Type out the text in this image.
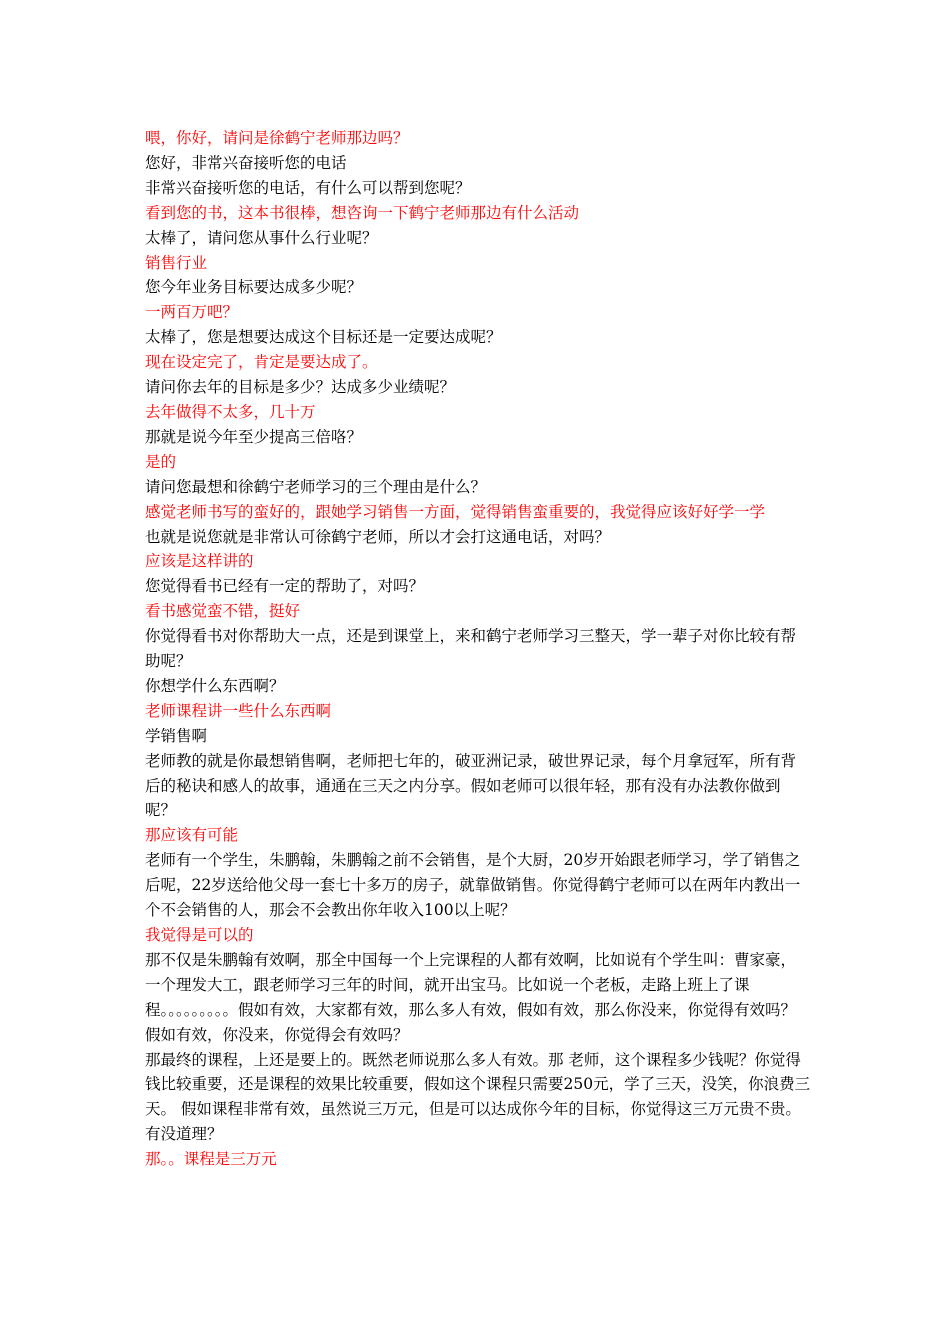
喂，你好，请问是徐鹤宁老师那边吗？

您好，非常兴奋接听您的电话

非常兴奋接听您的电话，有什么可以帮到您呢？

看到您的书，这本书很棒，想咨询一下鹤宁老师那边有什么活动

太棒了，请问您从事什么行业呢？

销售行业

您今年业务目标要达成多少呢？

一两百万吧？

太棒了，您是想要达成这个目标还是一定要达成呢？

现在设定完了，肯定是要达成了。

请问你去年的目标是多少？达成多少业绩呢？

去年做得不太多，几十万

那就是说今年至少提高三倍咯？

是的

请问您最想和徐鹤宁老师学习的三个理由是什么？

感觉老师书写的蛮好的，跟她学习销售一方面，觉得销售蛮重要的，我觉得应该好好学一学

也就是说您就是非常认可徐鹤宁老师，所以才会打这通电话，对吗？

应该是这样讲的

您觉得看书已经有一定的帮助了，对吗？

看书感觉蛮不错，挺好

你觉得看书对你帮助大一点，还是到课堂上，来和鹤宁老师学习三整天，学一辈子对你比较有帮助呢？

你想学什么东西啊？

老师课程讲一些什么东西啊

学销售啊

老师教的就是你最想销售啊，老师把七年的，破亚洲记录，破世界记录，每个月拿冠军，所有背后的秘诀和感人的故事，通通在三天之内分享。假如老师可以很年轻，那有没有办法教你做到呢？

那应该有可能

老师有一个学生，朱鹏翰，朱鹏翰之前不会销售，是个大厨，20岁开始跟老师学习，学了销售之后呢，22岁送给他父母一套七十多万的房子，就靠做销售。你觉得鹤宁老师可以在两年内教出一个不会销售的人，那会不会教出你年收入100以上呢？

我觉得是可以的

那不仅是朱鹏翰有效啊，那全中国每一个上完课程的人都有效啊，比如说有个学生叫：曹家豪，一个理发大工，跟老师学习三年的时间，就开出宝马。比如说一个老板，走路上班上了课程。。。。。。。。。假如有效，大家都有效，那么多人有效，假如有效，那么你没来，你觉得有效吗？

假如有效，你没来，你觉得会有效吗？

那最终的课程，上还是要上的。既然老师说那么多人有效。那 老师，这个课程多少钱呢？你觉得钱比较重要，还是课程的效果比较重要，假如这个课程只需要250元，学了三天，没笑，你浪费三天。 假如课程非常有效，虽然说三万元，但是可以达成你今年的目标，你觉得这三万元贵不贵。有没道理？

那。。课程是三万元
